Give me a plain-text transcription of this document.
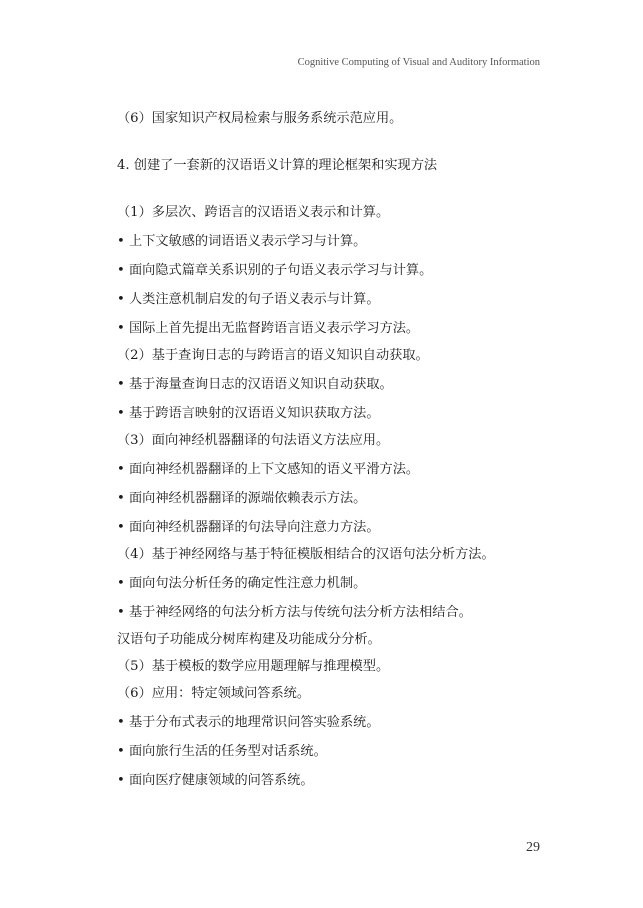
Cognitive Computing of Visual and Auditory Information
（6）国家知识产权局检索与服务系统示范应用。
4. 创建了一套新的汉语语义计算的理论框架和实现方法
（1）多层次、跨语言的汉语语义表示和计算。
• 上下文敏感的词语语义表示学习与计算。
• 面向隐式篇章关系识别的子句语义表示学习与计算。
• 人类注意机制启发的句子语义表示与计算。
• 国际上首先提出无监督跨语言语义表示学习方法。
（2）基于查询日志的与跨语言的语义知识自动获取。
• 基于海量查询日志的汉语语义知识自动获取。
• 基于跨语言映射的汉语语义知识获取方法。
（3）面向神经机器翻译的句法语义方法应用。
• 面向神经机器翻译的上下文感知的语义平滑方法。
• 面向神经机器翻译的源端依赖表示方法。
• 面向神经机器翻译的句法导向注意力方法。
（4）基于神经网络与基于特征模版相结合的汉语句法分析方法。
• 面向句法分析任务的确定性注意力机制。
• 基于神经网络的句法分析方法与传统句法分析方法相结合。
汉语句子功能成分树库构建及功能成分分析。
（5）基于模板的数学应用题理解与推理模型。
（6）应用：特定领域问答系统。
• 基于分布式表示的地理常识问答实验系统。
• 面向旅行生活的任务型对话系统。
• 面向医疗健康领域的问答系统。
29
